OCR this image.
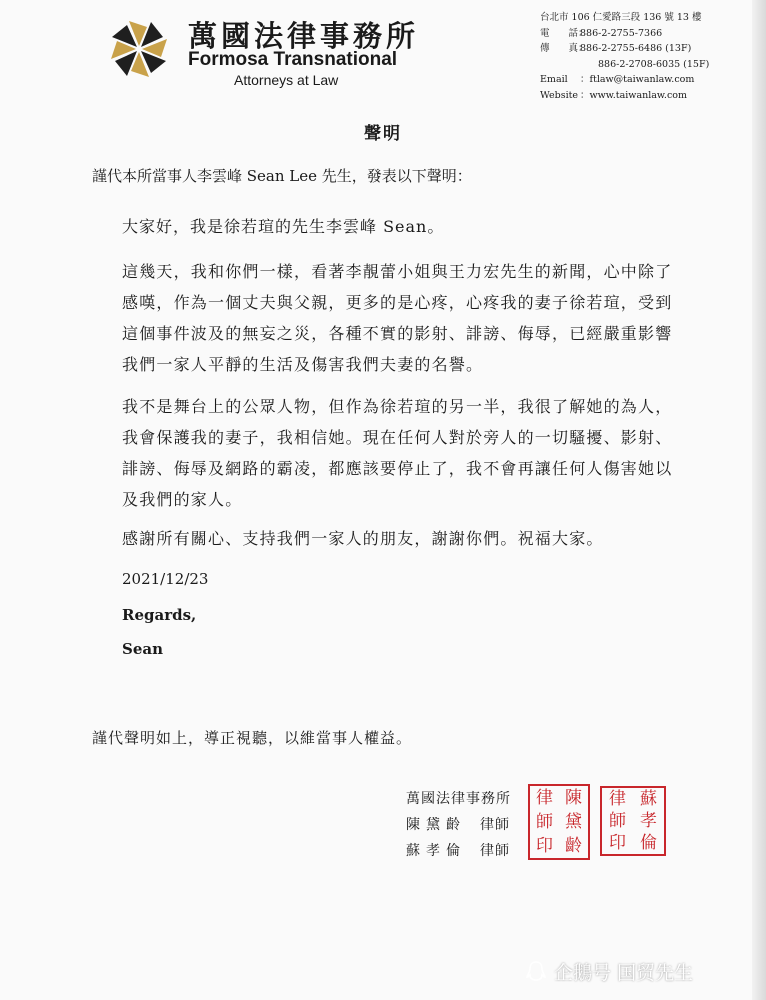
萬國法律事務所
Formosa Transnational
Attorneys at Law
台北市 106 仁愛路三段 136 號 13 樓
電　　話：886-2-2755-7366
傳　　真：886-2-2755-6486 (13F)
886-2-2708-6035 (15F)
Email ：ftlaw@taiwanlaw.com
Website ：www.taiwanlaw.com
聲明
謹代本所當事人李雲峰 Sean Lee 先生，發表以下聲明：
大家好，我是徐若瑄的先生李雲峰 Sean。
這幾天，我和你們一樣，看著李靚蕾小姐與王力宏先生的新聞，心中除了
感嘆，作為一個丈夫與父親，更多的是心疼，心疼我的妻子徐若瑄，受到
這個事件波及的無妄之災，各種不實的影射、誹謗、侮辱，已經嚴重影響
我們一家人平靜的生活及傷害我們夫妻的名譽。
我不是舞台上的公眾人物，但作為徐若瑄的另一半，我很了解她的為人，
我會保護我的妻子，我相信她。現在任何人對於旁人的一切騷擾、影射、
誹謗、侮辱及網路的霸凌，都應該要停止了，我不會再讓任何人傷害她以
及我們的家人。
感謝所有關心、支持我們一家人的朋友，謝謝你們。祝福大家。
2021/12/23
Regards,
Sean
謹代聲明如上，導正視聽，以維當事人權益。
萬國法律事務所
陳黛齡 律師
蘇孝倫 律師
律 陳
師 黛
印 齡
律 蘇
師 孝
印 倫
企鵝号 国贸先生
